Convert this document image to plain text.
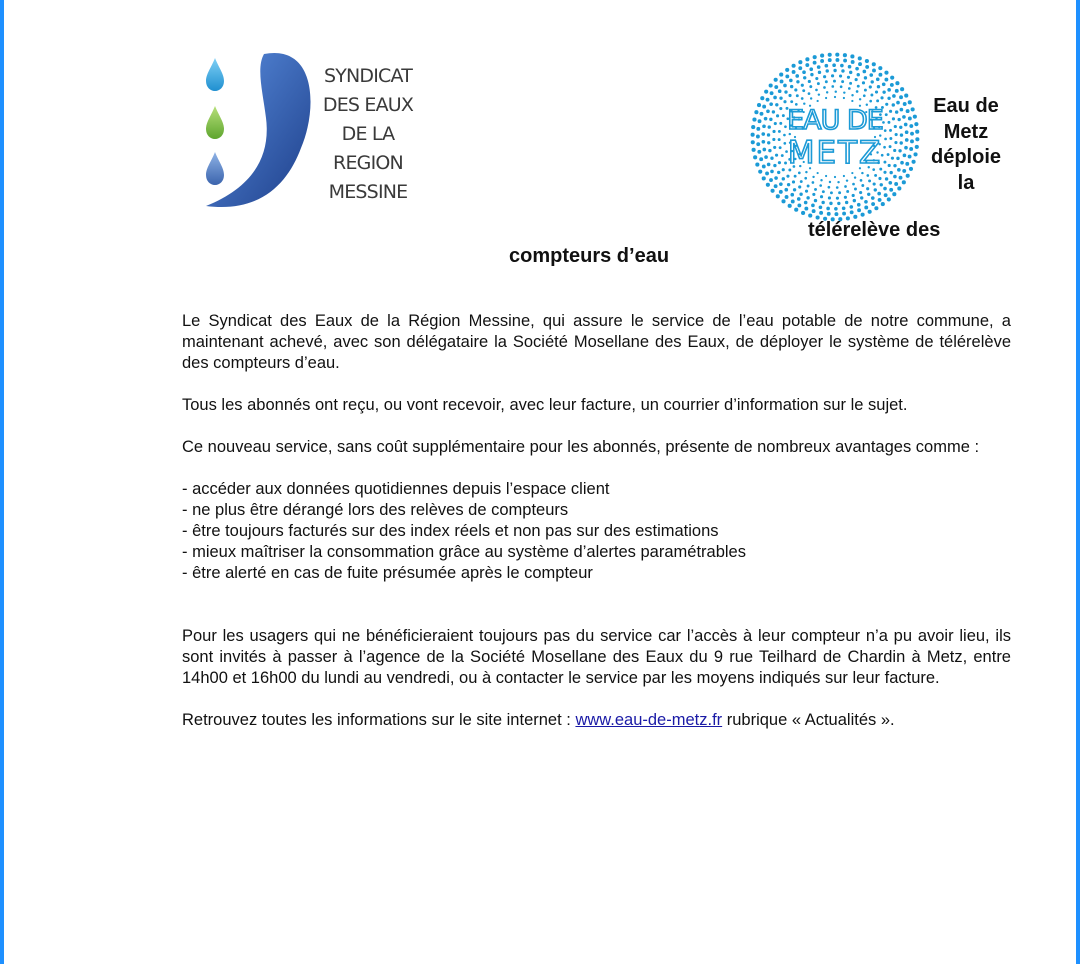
SYNDICAT
DES EAUX
DE LA
REGION
MESSINE
EAU DE
METZ
Eau de Metz déploie la
télérelève des
compteurs d’eau

Le Syndicat des Eaux de la Région Messine, qui assure le service de l’eau potable de notre commune, a maintenant achevé, avec son délégataire la Société Mosellane des Eaux, de déployer le système de télérelève des compteurs d’eau.

Tous les abonnés ont reçu, ou vont recevoir, avec leur facture, un courrier d’information sur le sujet.

Ce nouveau service, sans coût supplémentaire pour les abonnés, présente de nombreux avantages comme :

- accéder aux données quotidiennes depuis l’espace client
- ne plus être dérangé lors des relèves de compteurs
- être toujours facturés sur des index réels et non pas sur des estimations
- mieux maîtriser la consommation grâce au système d’alertes paramétrables
- être alerté en cas de fuite présumée après le compteur

Pour les usagers qui ne bénéficieraient toujours pas du service car l’accès à leur compteur n’a pu avoir lieu, ils sont invités à passer à l’agence de la Société Mosellane des Eaux du 9 rue Teilhard de Chardin à Metz, entre 14h00 et 16h00 du lundi au vendredi, ou à contacter le service par les moyens indiqués sur leur facture.

Retrouvez toutes les informations sur le site internet : www.eau-de-metz.fr rubrique « Actualités ».
